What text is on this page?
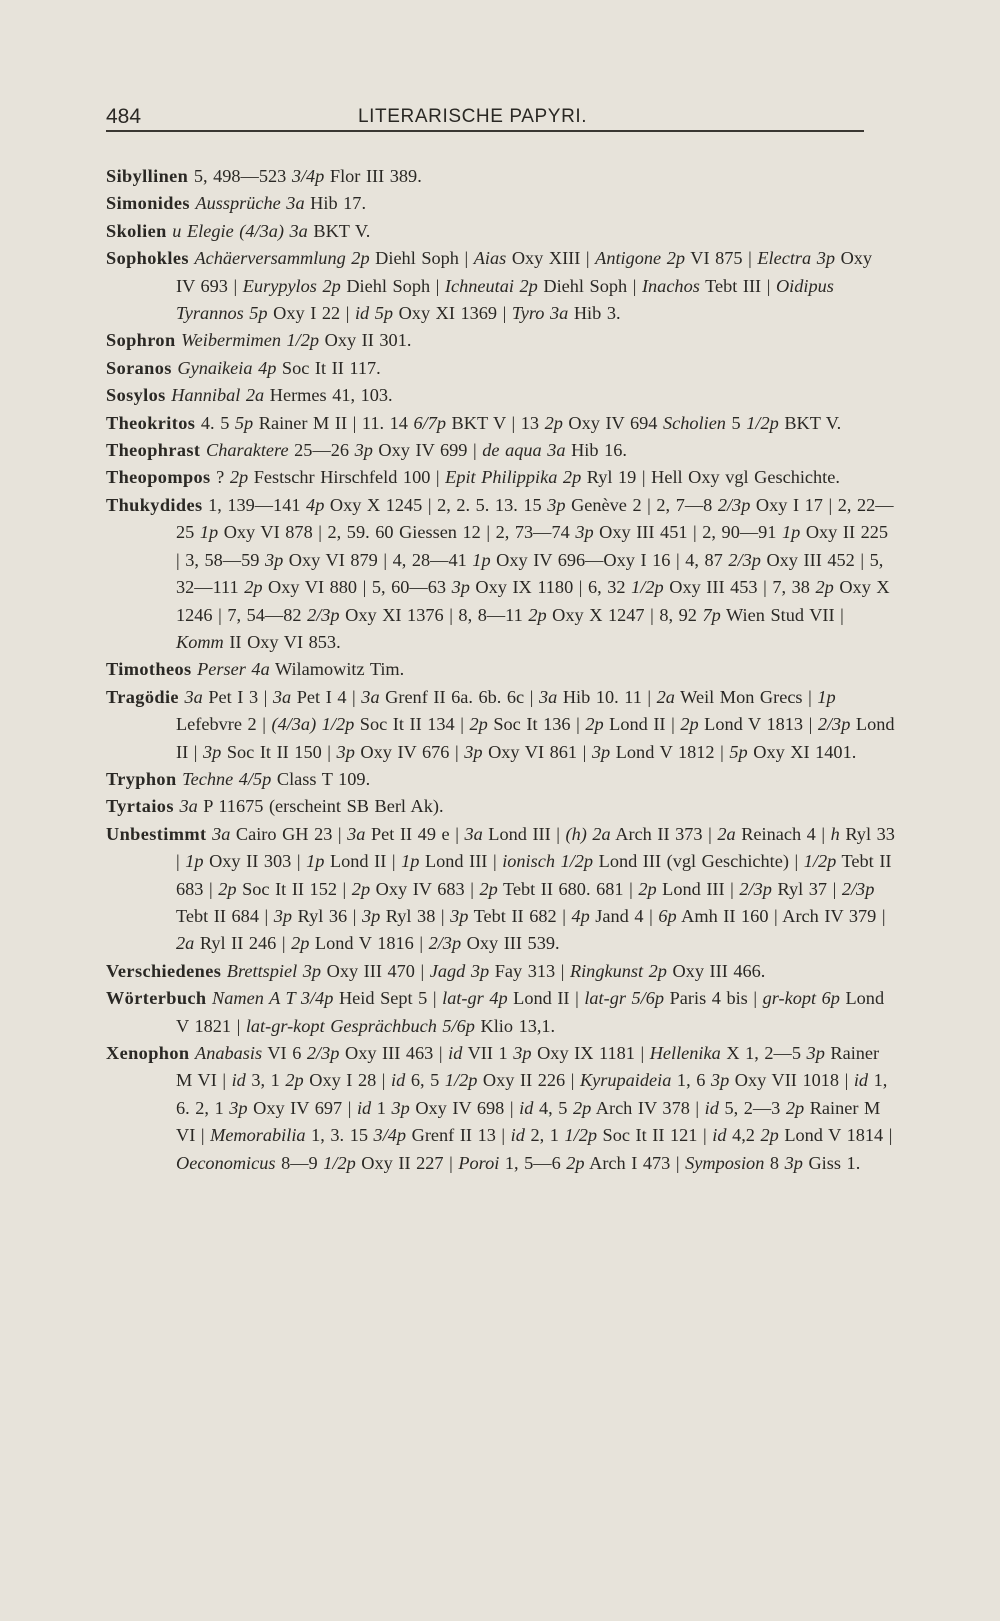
484	LITERARISCHE PAPYRI.
Sibyllinen 5, 498—523 3/4p Flor III 389.
Simonides Aussprüche 3a Hib 17.
Skolien u Elegie (4/3a) 3a BKT V.
Sophokles Achäerversammlung 2p Diehl Soph | Aias Oxy XIII | Antigone 2p VI 875 | Electra 3p Oxy IV 693 | Eurypylos 2p Diehl Soph | Ichneutai 2p Diehl Soph | Inachos Tebt III | Oidipus Tyrannos 5p Oxy I 22 | id 5p Oxy XI 1369 | Tyro 3a Hib 3.
Sophron Weibermimen 1/2p Oxy II 301.
Soranos Gynaikeia 4p Soc It II 117.
Sosylos Hannibal 2a Hermes 41, 103.
Theokritos 4. 5 5p Rainer M II | 11. 14 6/7p BKT V | 13 2p Oxy IV 694 Scholien 5 1/2p BKT V.
Theophrast Charaktere 25—26 3p Oxy IV 699 | de aqua 3a Hib 16.
Theopompos ? 2p Festschr Hirschfeld 100 | Epit Philippika 2p Ryl 19 | Hell Oxy vgl Geschichte.
Thukydides 1, 139—141 4p Oxy X 1245 | 2, 2. 5. 13. 15 3p Genève 2 | 2, 7—8 2/3p Oxy I 17 | 2, 22—25 1p Oxy VI 878 | 2, 59. 60 Giessen 12 | 2, 73—74 3p Oxy III 451 | 2, 90—91 1p Oxy II 225 | 3, 58—59 3p Oxy VI 879 | 4, 28—41 1p Oxy IV 696—Oxy I 16 | 4, 87 2/3p Oxy III 452 | 5, 32—111 2p Oxy VI 880 | 5, 60—63 3p Oxy IX 1180 | 6, 32 1/2p Oxy III 453 | 7, 38 2p Oxy X 1246 | 7, 54—82 2/3p Oxy XI 1376 | 8, 8—11 2p Oxy X 1247 | 8, 92 7p Wien Stud VII | Komm II Oxy VI 853.
Timotheos Perser 4a Wilamowitz Tim.
Tragödie 3a Pet I 3 | 3a Pet I 4 | 3a Grenf II 6a. 6b. 6c | 3a Hib 10. 11 | 2a Weil Mon Grecs | 1p Lefebvre 2 | (4/3a) 1/2p Soc It II 134 | 2p Soc It 136 | 2p Lond II | 2p Lond V 1813 | 2/3p Lond II | 3p Soc It II 150 | 3p Oxy IV 676 | 3p Oxy VI 861 | 3p Lond V 1812 | 5p Oxy XI 1401.
Tryphon Techne 4/5p Class T 109.
Tyrtaios 3a P 11675 (erscheint SB Berl Ak).
Unbestimmt 3a Cairo GH 23 | 3a Pet II 49 e | 3a Lond III | (h) 2a Arch II 373 | 2a Reinach 4 | h Ryl 33 | 1p Oxy II 303 | 1p Lond II | 1p Lond III | ionisch 1/2p Lond III (vgl Geschichte) | 1/2p Tebt II 683 | 2p Soc It II 152 | 2p Oxy IV 683 | 2p Tebt II 680. 681 | 2p Lond III | 2/3p Ryl 37 | 2/3p Tebt II 684 | 3p Ryl 36 | 3p Ryl 38 | 3p Tebt II 682 | 4p Jand 4 | 6p Amh II 160 | Arch IV 379 | 2a Ryl II 246 | 2p Lond V 1816 | 2/3p Oxy III 539.
Verschiedenes Brettspiel 3p Oxy III 470 | Jagd 3p Fay 313 | Ringkunst 2p Oxy III 466.
Wörterbuch Namen A T 3/4p Heid Sept 5 | lat-gr 4p Lond II | lat-gr 5/6p Paris 4 bis | gr-kopt 6p Lond V 1821 | lat-gr-kopt Gesprächbuch 5/6p Klio 13,1.
Xenophon Anabasis VI 6 2/3p Oxy III 463 | id VII 1 3p Oxy IX 1181 | Hellenika X 1, 2—5 3p Rainer M VI | id 3, 1 2p Oxy I 28 | id 6, 5 1/2p Oxy II 226 | Kyrupaideia 1, 6 3p Oxy VII 1018 | id 1, 6. 2, 1 3p Oxy IV 697 | id 1 3p Oxy IV 698 | id 4, 5 2p Arch IV 378 | id 5, 2—3 2p Rainer M VI | Memorabilia 1, 3. 15 3/4p Grenf II 13 | id 2, 1 1/2p Soc It II 121 | id 4,2 2p Lond V 1814 | Oeconomicus 8—9 1/2p Oxy II 227 | Poroi 1, 5—6 2p Arch I 473 | Symposion 8 3p Giss 1.
